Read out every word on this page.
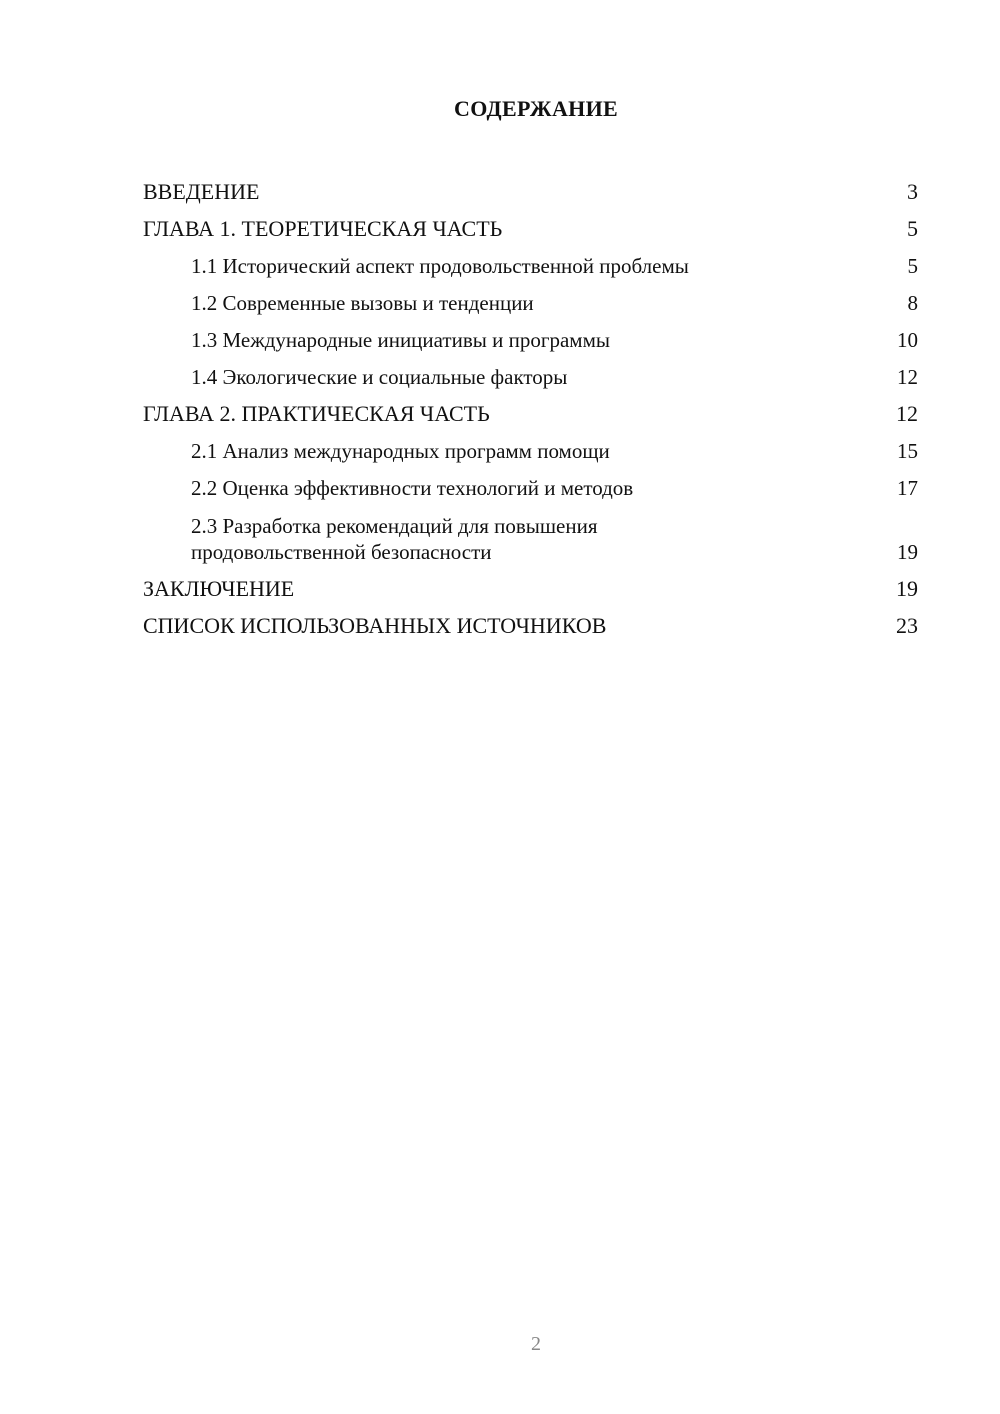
СОДЕРЖАНИЕ
ВВЕДЕНИЕ	3
ГЛАВА 1. ТЕОРЕТИЧЕСКАЯ ЧАСТЬ	5
1.1 Исторический аспект продовольственной проблемы	5
1.2 Современные вызовы и тенденции	8
1.3 Международные инициативы и программы	10
1.4 Экологические и социальные факторы	12
ГЛАВА 2. ПРАКТИЧЕСКАЯ ЧАСТЬ	12
2.1 Анализ международных программ помощи	15
2.2 Оценка эффективности технологий и методов	17
2.3 Разработка рекомендаций для повышения
продовольственной безопасности	19
ЗАКЛЮЧЕНИЕ	19
СПИСОК ИСПОЛЬЗОВАННЫХ ИСТОЧНИКОВ	23
2
